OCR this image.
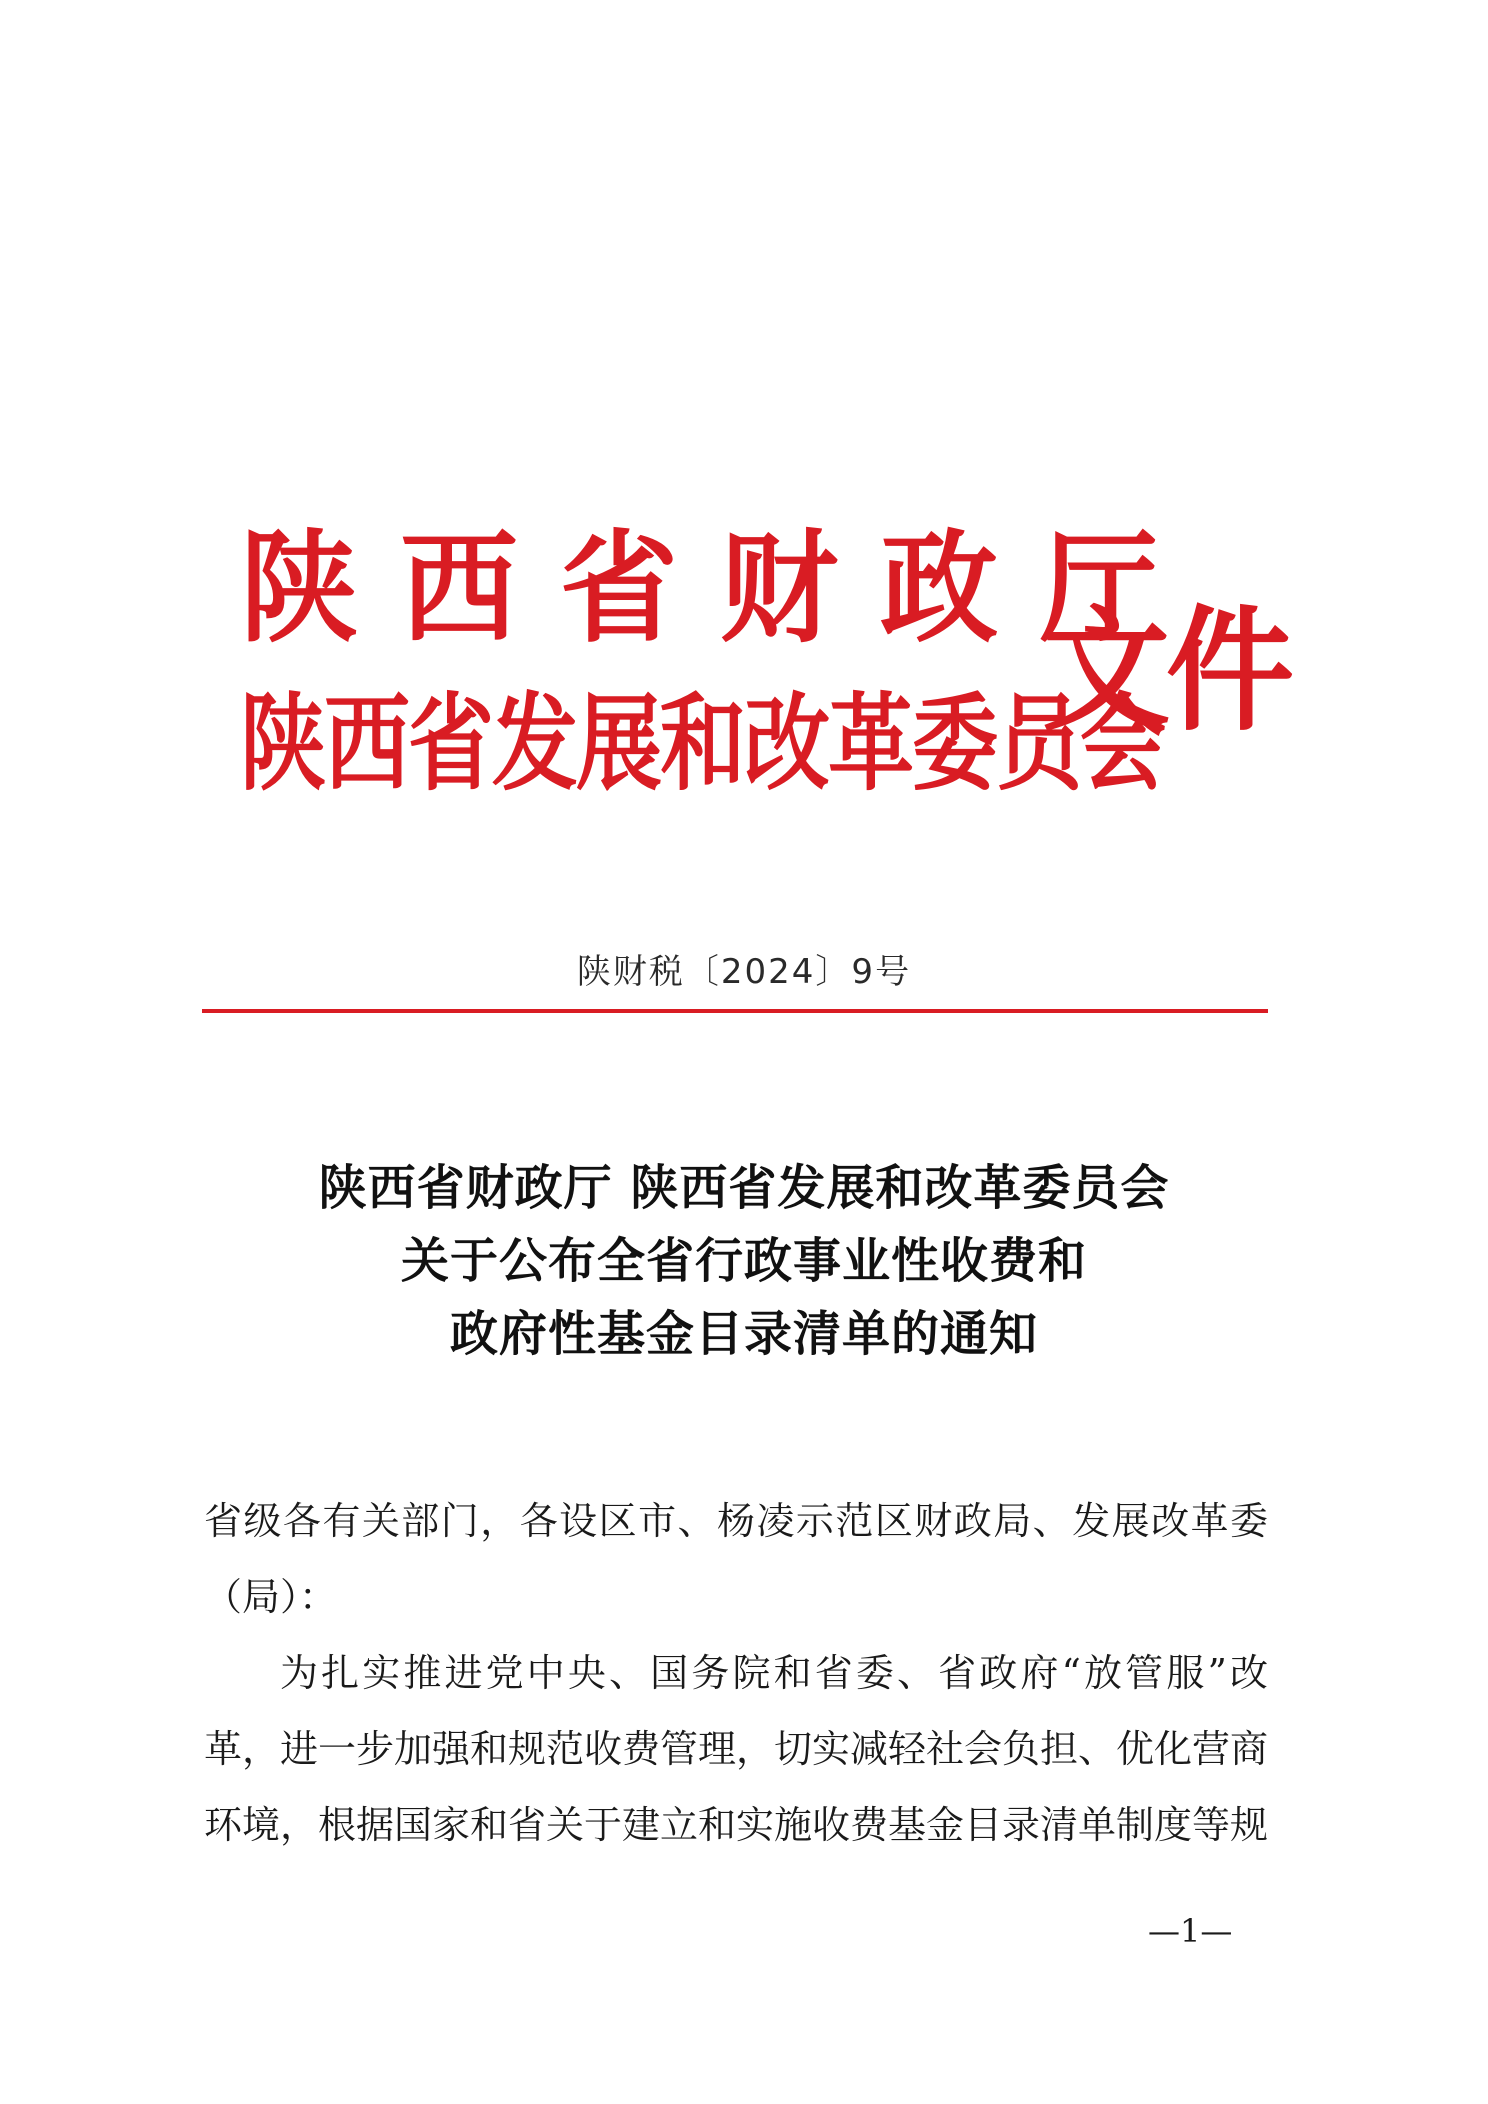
陕西省财政厅
陕西省发展和改革委员会
文件
陕财税〔2024〕9号
陕西省财政厅 陕西省发展和改革委员会
关于公布全省行政事业性收费和
政府性基金目录清单的通知

省级各有关部门，各设区市、杨凌示范区财政局、发展改革委

（局）：

为扎实推进党中央、国务院和省委、省政府“放管服”改

革，进一步加强和规范收费管理，切实减轻社会负担、优化营商

环境，根据国家和省关于建立和实施收费基金目录清单制度等规

—1—
